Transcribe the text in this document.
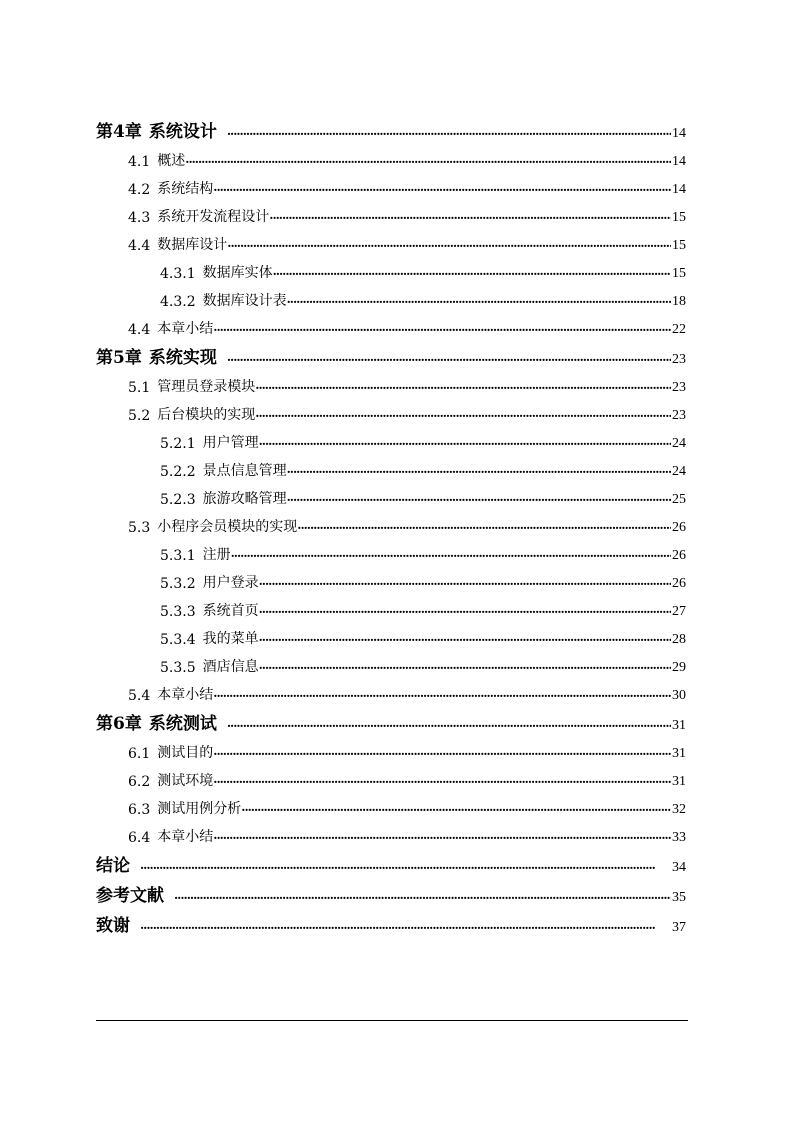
第4章 系统设计 ·····	14
4.1 概述 ·····	14
4.2 系统结构 ·····	14
4.3 系统开发流程设计 ·····	15
4.4 数据库设计 ·····	15
4.3.1 数据库实体 ·····	15
4.3.2 数据库设计表 ·····	18
4.4 本章小结 ·····	22
第5章 系统实现 ·····	23
5.1 管理员登录模块 ·····	23
5.2 后台模块的实现 ·····	23
5.2.1 用户管理 ·····	24
5.2.2 景点信息管理 ·····	24
5.2.3 旅游攻略管理 ·····	25
5.3 小程序会员模块的实现 ·····	26
5.3.1 注册 ·····	26
5.3.2 用户登录 ·····	26
5.3.3 系统首页 ·····	27
5.3.4 我的菜单 ·····	28
5.3.5 酒店信息 ·····	29
5.4 本章小结 ·····	30
第6章 系统测试 ·····	31
6.1 测试目的 ·····	31
6.2 测试环境 ·····	31
6.3 测试用例分析 ·····	32
6.4 本章小结 ·····	33
结论 ·····	34
参考文献 ·····	35
致谢 ·····	37
